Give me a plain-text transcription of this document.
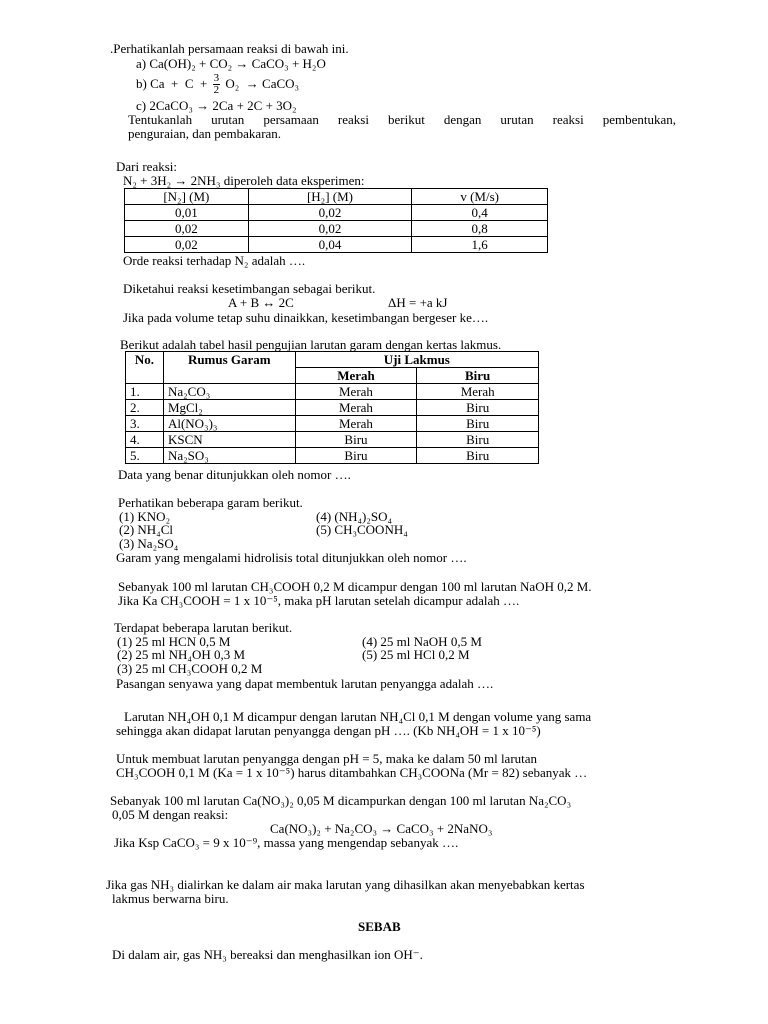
.Perhatikanlah persamaan reaksi di bawah ini.
a) Ca(OH)₂ + CO₂ → CaCO₃ + H₂O
b) $Ca + C + \frac{3}{2} O_2$  → CaCO₃
c) 2CaCO₃ → 2Ca + 2C + 3O₂
Tentukanlah urutan persamaan reaksi berikut dengan urutan reaksi pembentukan,
penguraian, dan pembakaran.
Dari reaksi:
N₂ + 3H₂ → 2NH₃ diperoleh data eksperimen:
[N₂] (M)	[H₂] (M)	v (M/s)
0,01	0,02	0,4
0,02	0,02	0,8
0,02	0,04	1,6
Orde reaksi terhadap N₂ adalah ….
Diketahui reaksi kesetimbangan sebagai berikut.
A + B ↔ 2C	ΔH = +a kJ
Jika pada volume tetap suhu dinaikkan, kesetimbangan bergeser ke….
Berikut adalah tabel hasil pengujian larutan garam dengan kertas lakmus.
No.	Rumus Garam	Uji Lakmus	
		Merah	Biru
1.	Na₂CO₃	Merah	Merah
2.	MgCl₂	Merah	Biru
3.	Al(NO₃)₃	Merah	Biru
4.	KSCN	Biru	Biru
5.	Na₂SO₃	Biru	Biru
Data yang benar ditunjukkan oleh nomor ….
Perhatikan beberapa garam berikut.
(1) KNO₂
(2) NH₄Cl
(3) Na₂SO₄
(4) (NH₄)₂SO₄
(5) CH₃COONH₄
Garam yang mengalami hidrolisis total ditunjukkan oleh nomor ….
Sebanyak 100 ml larutan CH₃COOH 0,2 M dicampur dengan 100 ml larutan NaOH 0,2 M.
Jika Ka CH₃COOH = 1 x 10⁻⁵, maka pH larutan setelah dicampur adalah ….
Terdapat beberapa larutan berikut.
(1) 25 ml HCN 0,5 M
(2) 25 ml NH₄OH 0,3 M
(3) 25 ml CH₃COOH 0,2 M
(4) 25 ml NaOH 0,5 M
(5) 25 ml HCl 0,2 M
Pasangan senyawa yang dapat membentuk larutan penyangga adalah ….
Larutan NH₄OH 0,1 M dicampur dengan larutan NH₄Cl 0,1 M dengan volume yang sama
sehingga akan didapat larutan penyangga dengan pH …. (Kb NH₄OH = 1 x 10⁻⁵)
Untuk membuat larutan penyangga dengan pH = 5, maka ke dalam 50 ml larutan
CH₃COOH 0,1 M (Ka = 1 x 10⁻⁵) harus ditambahkan CH₃COONa (Mr = 82) sebanyak …
Sebanyak 100 ml larutan Ca(NO₃)₂ 0,05 M dicampurkan dengan 100 ml larutan Na₂CO₃
0,05 M dengan reaksi:
Ca(NO₃)₂ + Na₂CO₃ → CaCO₃ + 2NaNO₃
Jika Ksp CaCO₃ = 9 x 10⁻⁹, massa yang mengendap sebanyak ….
Jika gas NH₃ dialirkan ke dalam air maka larutan yang dihasilkan akan menyebabkan kertas
lakmus berwarna biru.
SEBAB
Di dalam air, gas NH₃ bereaksi dan menghasilkan ion OH⁻.
